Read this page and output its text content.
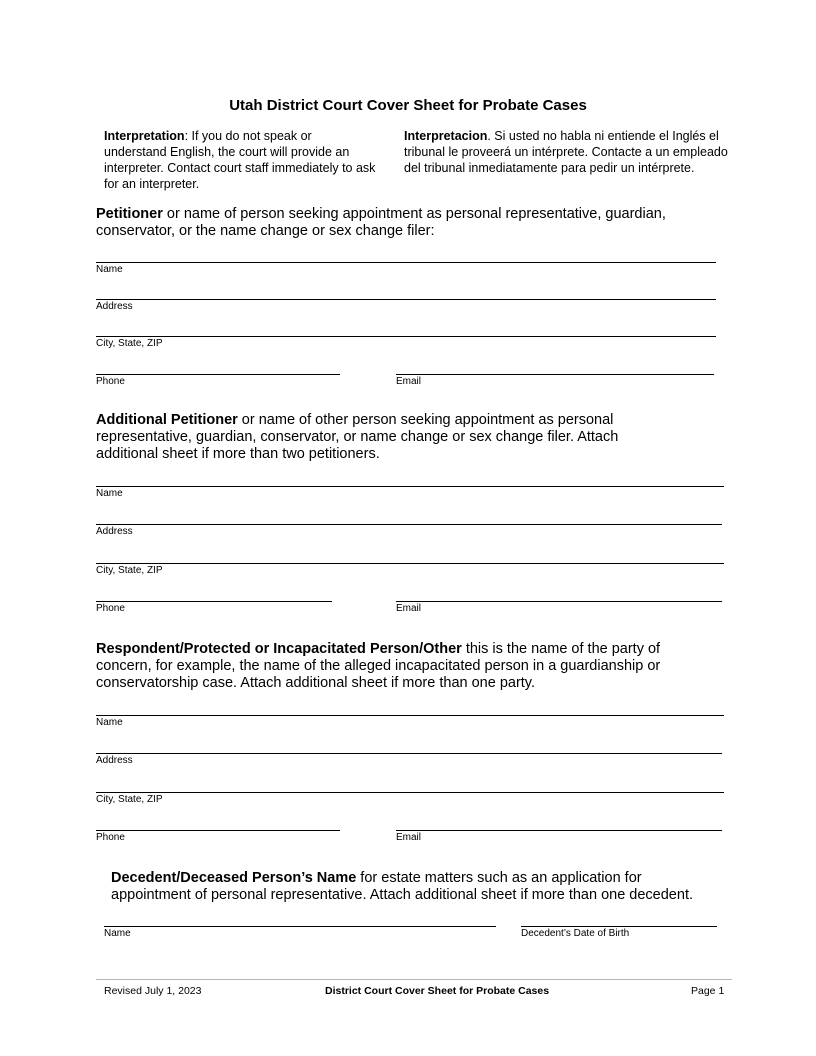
Utah District Court Cover Sheet for Probate Cases
Interpretation: If you do not speak or understand English, the court will provide an interpreter. Contact court staff immediately to ask for an interpreter.
Interpretacion. Si usted no habla ni entiende el Inglés el tribunal le proveerá un intérprete. Contacte a un empleado del tribunal inmediatamente para pedir un intérprete.
Petitioner or name of person seeking appointment as personal representative, guardian, conservator, or the name change or sex change filer:
Name
Address
City, State, ZIP
Phone	Email
Additional Petitioner or name of other person seeking appointment as personal representative, guardian, conservator, or name change or sex change filer. Attach additional sheet if more than two petitioners.
Name
Address
City, State, ZIP
Phone	Email
Respondent/Protected or Incapacitated Person/Other this is the name of the party of concern, for example, the name of the alleged incapacitated person in a guardianship or conservatorship case. Attach additional sheet if more than one party.
Name
Address
City, State, ZIP
Phone	Email
Decedent/Deceased Person’s Name for estate matters such as an application for appointment of personal representative. Attach additional sheet if more than one decedent.
Name	Decedent’s Date of Birth
Revised July 1, 2023	District Court Cover Sheet for Probate Cases	Page 1
